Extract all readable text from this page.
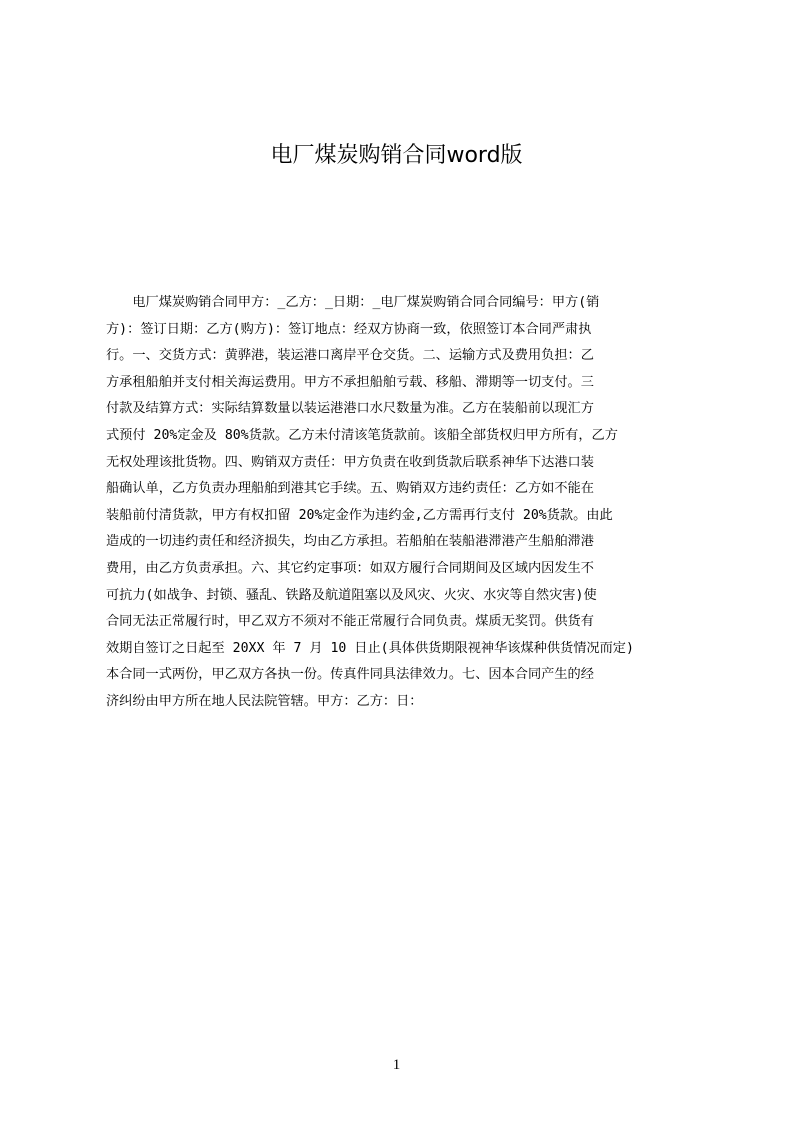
电厂煤炭购销合同word版
　　电厂煤炭购销合同甲方：_乙方：_日期：_电厂煤炭购销合同合同编号：甲方(销
方)：签订日期：乙方(购方)：签订地点：经双方协商一致，依照签订本合同严肃执
行。一、交货方式：黄骅港，装运港口离岸平仓交货。二、运输方式及费用负担：乙
方承租船舶并支付相关海运费用。甲方不承担船舶亏载、移船、滞期等一切支付。三
付款及结算方式：实际结算数量以装运港港口水尺数量为准。乙方在装船前以现汇方
式预付 20%定金及 80%货款。乙方未付清该笔货款前。该船全部货权归甲方所有，乙方
无权处理该批货物。四、购销双方责任：甲方负责在收到货款后联系神华下达港口装
船确认单，乙方负责办理船舶到港其它手续。五、购销双方违约责任：乙方如不能在
装船前付清货款，甲方有权扣留 20%定金作为违约金,乙方需再行支付 20%货款。由此
造成的一切违约责任和经济损失，均由乙方承担。若船舶在装船港滞港产生船舶滞港
费用，由乙方负责承担。六、其它约定事项：如双方履行合同期间及区域内因发生不
可抗力(如战争、封锁、骚乱、铁路及航道阻塞以及风灾、火灾、水灾等自然灾害)使
合同无法正常履行时，甲乙双方不须对不能正常履行合同负责。煤质无奖罚。供货有
效期自签订之日起至 20XX 年 7 月 10 日止(具体供货期限视神华该煤种供货情况而定)
本合同一式两份，甲乙双方各执一份。传真件同具法律效力。七、因本合同产生的经
济纠纷由甲方所在地人民法院管辖。甲方：乙方：日：
1
